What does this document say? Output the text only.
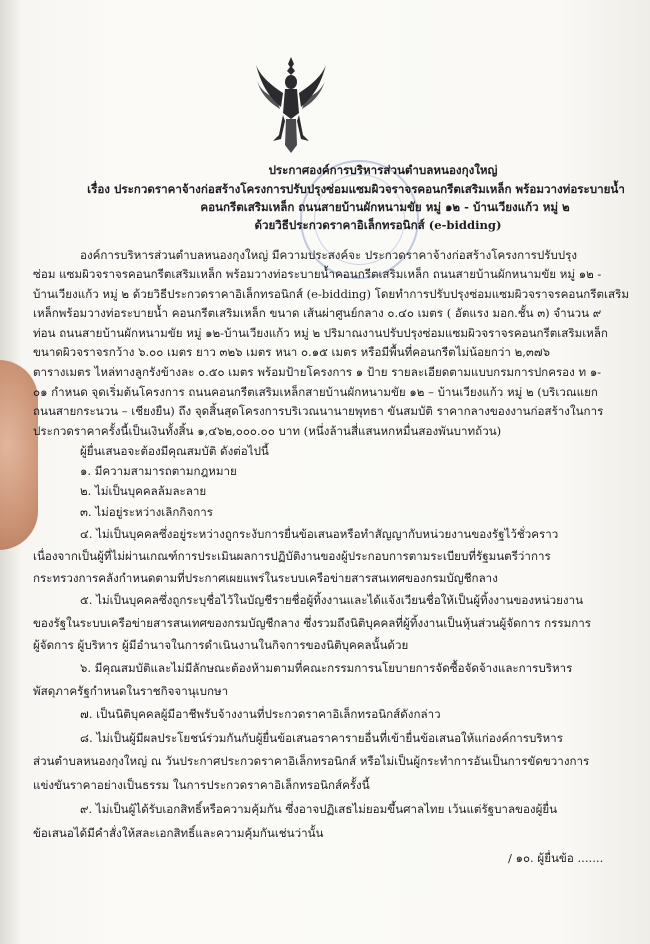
ประกาศองค์การบริหารส่วนตำบลหนองกุงใหญ่
เรื่อง ประกวดราคาจ้างก่อสร้างโครงการปรับปรุงซ่อมแซมผิวจราจรคอนกรีตเสริมเหล็ก พร้อมวางท่อระบายน้ำ
คอนกรีตเสริมเหล็ก ถนนสายบ้านผักหนามขัย หมู่ ๑๒ - บ้านเวียงแก้ว หมู่ ๒
ด้วยวิธีประกวดราคาอิเล็กทรอนิกส์ (e-bidding)
องค์การบริหารส่วนตำบลหนองกุงใหญ่ มีความประสงค์จะ ประกวดราคาจ้างก่อสร้างโครงการปรับปรุง
ซ่อม แซมผิวจราจรคอนกรีตเสริมเหล็ก พร้อมวางท่อระบายน้ำคอนกรีตเสริมเหล็ก ถนนสายบ้านผักหนามขัย หมู่ ๑๒ -
บ้านเวียงแก้ว หมู่ ๒ ด้วยวิธีประกวดราคาอิเล็กทรอนิกส์ (e-bidding) โดยทำการปรับปรุงซ่อมแซมผิวจราจรคอนกรีตเสริม
เหล็กพร้อมวางท่อระบายน้ำ คอนกรีตเสริมเหล็ก ขนาด เส้นผ่าศูนย์กลาง ๐.๔๐ เมตร ( อัตแรง มอก.ชั้น ๓) จำนวน ๙
ท่อน ถนนสายบ้านผักหนามขัย หมู่ ๑๒-บ้านเวียงแก้ว หมู่ ๒ ปริมาณงานปรับปรุงซ่อมแซมผิวจราจรคอนกรีตเสริมเหล็ก
ขนาดผิวจราจรกว้าง ๖.๐๐ เมตร ยาว ๓๒๖ เมตร หนา ๐.๑๕ เมตร หรือมีพื้นที่คอนกรีตไม่น้อยกว่า ๒,๓๗๖
ตารางเมตร ไหล่ทางลูกรังข้างละ ๐.๕๐ เมตร พร้อมป้ายโครงการ ๑ ป้าย รายละเอียดตามแบบกรมการปกครอง ท ๑-
๐๑ กำหนด จุดเริ่มต้นโครงการ ถนนคอนกรีตเสริมเหล็กสายบ้านผักหนามขัย ๑๒ – บ้านเวียงแก้ว หมู่ ๒ (บริเวณแยก
ถนนสายกระนวน – เชียงยืน) ถึง จุดสิ้นสุดโครงการบริเวณนานายพุทธา ขันสมบัติ ราคากลางของงานก่อสร้างในการ
ประกวดราคาครั้งนี้เป็นเงินทั้งสิ้น ๑,๔๖๒,๐๐๐.๐๐ บาท (หนึ่งล้านสี่แสนหกหมื่นสองพันบาทถ้วน)
ผู้ยื่นเสนอจะต้องมีคุณสมบัติ ดังต่อไปนี้
๑. มีความสามารถตามกฎหมาย
๒. ไม่เป็นบุคคลล้มละลาย
๓. ไม่อยู่ระหว่างเลิกกิจการ
๔. ไม่เป็นบุคคลซึ่งอยู่ระหว่างถูกระงับการยื่นข้อเสนอหรือทำสัญญากับหน่วยงานของรัฐไว้ชั่วคราว
เนื่องจากเป็นผู้ที่ไม่ผ่านเกณฑ์การประเมินผลการปฏิบัติงานของผู้ประกอบการตามระเบียบที่รัฐมนตรีว่าการ
กระทรวงการคลังกำหนดตามที่ประกาศเผยแพร่ในระบบเครือข่ายสารสนเทศของกรมบัญชีกลาง
๕. ไม่เป็นบุคคลซึ่งถูกระบุชื่อไว้ในบัญชีรายชื่อผู้ทิ้งงานและได้แจ้งเวียนชื่อให้เป็นผู้ทิ้งงานของหน่วยงาน
ของรัฐในระบบเครือข่ายสารสนเทศของกรมบัญชีกลาง ซึ่งรวมถึงนิติบุคคลที่ผู้ทิ้งงานเป็นหุ้นส่วนผู้จัดการ กรรมการ
ผู้จัดการ ผู้บริหาร ผู้มีอำนาจในการดำเนินงานในกิจการของนิติบุคคลนั้นด้วย
๖. มีคุณสมบัติและไม่มีลักษณะต้องห้ามตามที่คณะกรรมการนโยบายการจัดซื้อจัดจ้างและการบริหาร
พัสดุภาครัฐกำหนดในราชกิจจานุเบกษา
๗. เป็นนิติบุคคลผู้มีอาชีพรับจ้างงานที่ประกวดราคาอิเล็กทรอนิกส์ดังกล่าว
๘. ไม่เป็นผู้มีผลประโยชน์ร่วมกันกับผู้ยื่นข้อเสนอราคารายอื่นที่เข้ายื่นข้อเสนอให้แก่องค์การบริหาร
ส่วนตำบลหนองกุงใหญ่ ณ วันประกาศประกวดราคาอิเล็กทรอนิกส์ หรือไม่เป็นผู้กระทำการอันเป็นการขัดขวางการ
แข่งขันราคาอย่างเป็นธรรม ในการประกวดราคาอิเล็กทรอนิกส์ครั้งนี้
๙. ไม่เป็นผู้ได้รับเอกสิทธิ์หรือความคุ้มกัน ซึ่งอาจปฏิเสธไม่ยอมขึ้นศาลไทย เว้นแต่รัฐบาลของผู้ยื่น
ข้อเสนอได้มีคำสั่งให้สละเอกสิทธิ์และความคุ้มกันเช่นว่านั้น
/ ๑๐. ผู้ยื่นข้อ .......
